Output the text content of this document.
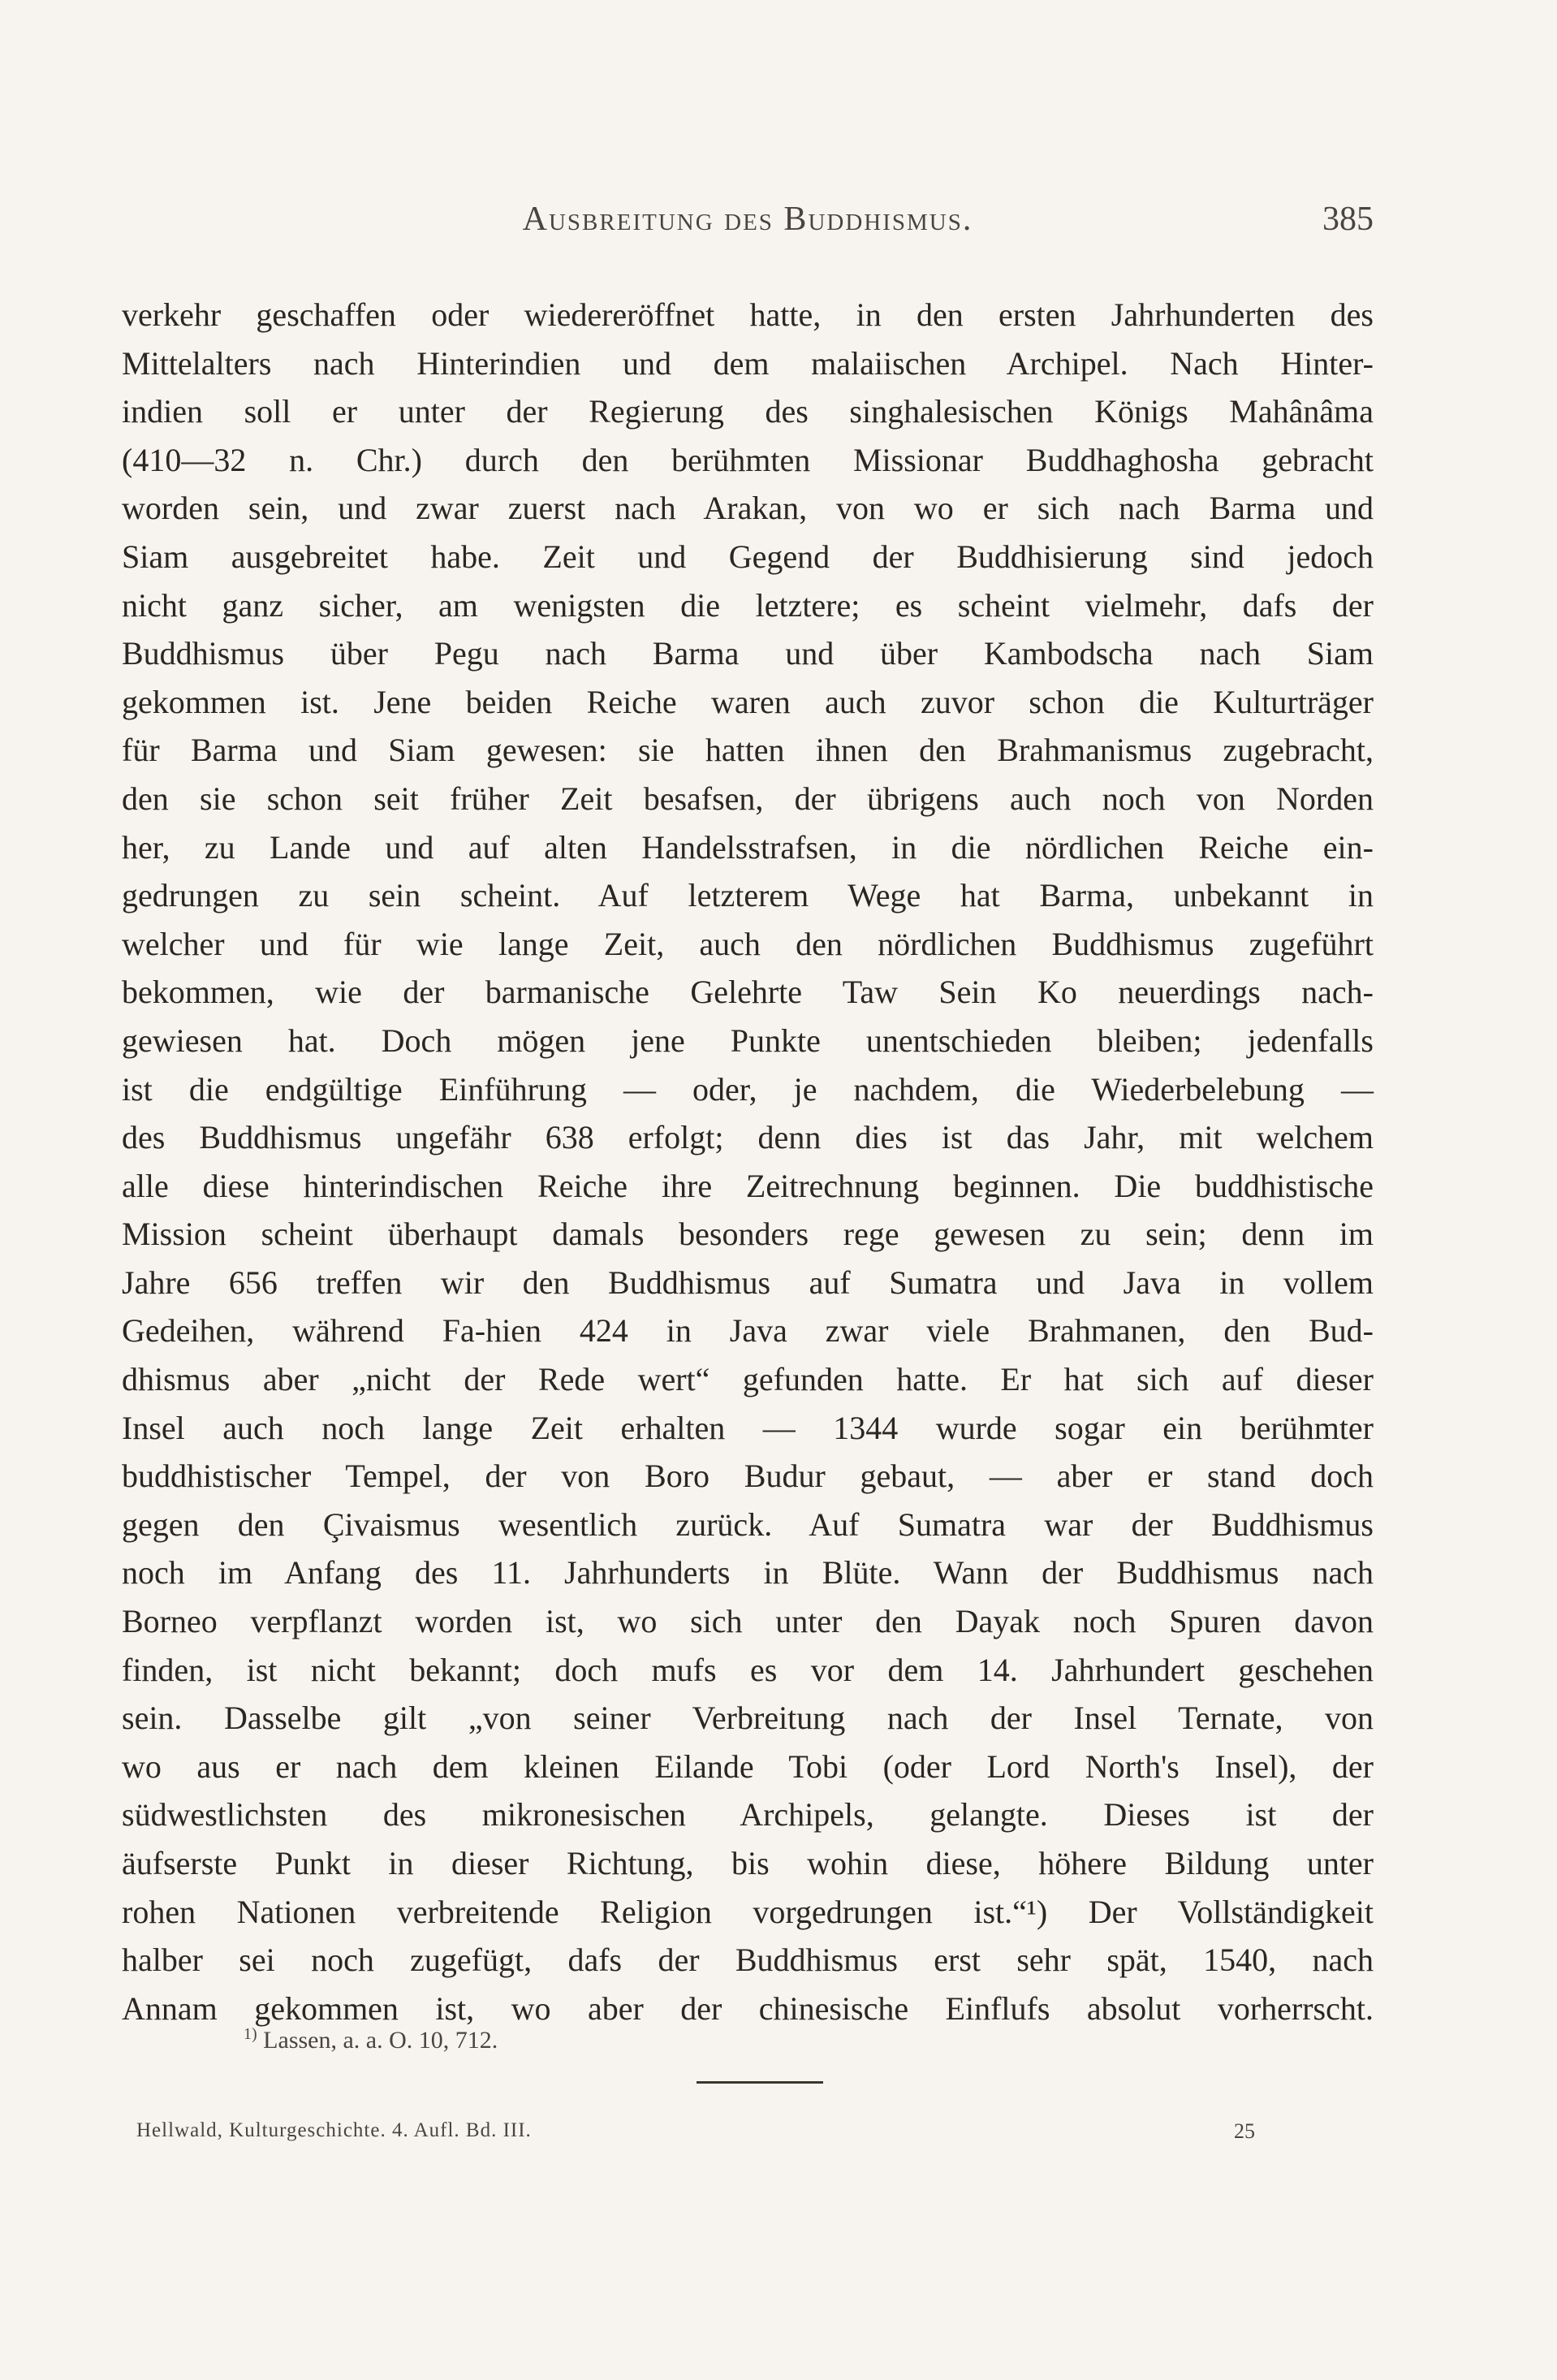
Ausbreitung des Buddhismus.	385
verkehr geschaffen oder wiedereröffnet hatte, in den ersten Jahrhunderten des
Mittelalters nach Hinterindien und dem malaiischen Archipel. Nach Hinter-
indien soll er unter der Regierung des singhalesischen Königs Mahânâma
(410—32 n. Chr.) durch den berühmten Missionar Buddhaghosha gebracht
worden sein, und zwar zuerst nach Arakan, von wo er sich nach Barma und
Siam ausgebreitet habe. Zeit und Gegend der Buddhisierung sind jedoch
nicht ganz sicher, am wenigsten die letztere; es scheint vielmehr, dafs der
Buddhismus über Pegu nach Barma und über Kambodscha nach Siam
gekommen ist. Jene beiden Reiche waren auch zuvor schon die Kulturträger
für Barma und Siam gewesen: sie hatten ihnen den Brahmanismus zugebracht,
den sie schon seit früher Zeit besafsen, der übrigens auch noch von Norden
her, zu Lande und auf alten Handelsstrafsen, in die nördlichen Reiche ein-
gedrungen zu sein scheint. Auf letzterem Wege hat Barma, unbekannt in
welcher und für wie lange Zeit, auch den nördlichen Buddhismus zugeführt
bekommen, wie der barmanische Gelehrte Taw Sein Ko neuerdings nach-
gewiesen hat. Doch mögen jene Punkte unentschieden bleiben; jedenfalls
ist die endgültige Einführung — oder, je nachdem, die Wiederbelebung —
des Buddhismus ungefähr 638 erfolgt; denn dies ist das Jahr, mit welchem
alle diese hinterindischen Reiche ihre Zeitrechnung beginnen. Die buddhistische
Mission scheint überhaupt damals besonders rege gewesen zu sein; denn im
Jahre 656 treffen wir den Buddhismus auf Sumatra und Java in vollem
Gedeihen, während Fa-hien 424 in Java zwar viele Brahmanen, den Bud-
dhismus aber „nicht der Rede wert“ gefunden hatte. Er hat sich auf dieser
Insel auch noch lange Zeit erhalten — 1344 wurde sogar ein berühmter
buddhistischer Tempel, der von Boro Budur gebaut, — aber er stand doch
gegen den Çivaismus wesentlich zurück. Auf Sumatra war der Buddhismus
noch im Anfang des 11. Jahrhunderts in Blüte. Wann der Buddhismus nach
Borneo verpflanzt worden ist, wo sich unter den Dayak noch Spuren davon
finden, ist nicht bekannt; doch mufs es vor dem 14. Jahrhundert geschehen
sein. Dasselbe gilt „von seiner Verbreitung nach der Insel Ternate, von
wo aus er nach dem kleinen Eilande Tobi (oder Lord North's Insel), der
südwestlichsten des mikronesischen Archipels, gelangte. Dieses ist der
äufserste Punkt in dieser Richtung, bis wohin diese, höhere Bildung unter
rohen Nationen verbreitende Religion vorgedrungen ist.“¹) Der Vollständigkeit
halber sei noch zugefügt, dafs der Buddhismus erst sehr spät, 1540, nach
Annam gekommen ist, wo aber der chinesische Einflufs absolut vorherrscht.
$^{1)}$ Lassen, a. a. O. 10, 712.
Hellwald, Kulturgeschichte. 4. Aufl. Bd. III.	25
